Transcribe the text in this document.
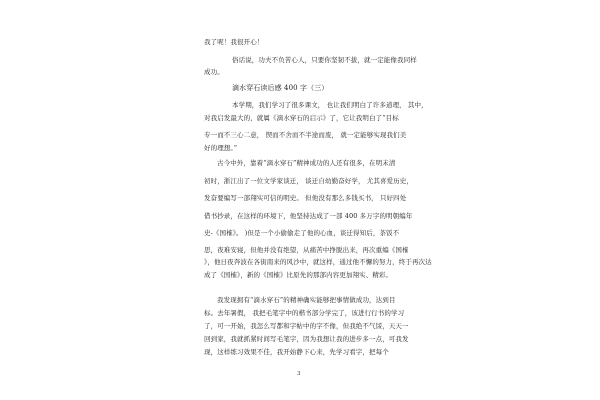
我了呢！我很开心！
俗话说，功夫不负苦心人，只要你坚韧不拔，就一定能像我同样
成功。
滴水穿石读后感 400 字（三）
本学期，我们学习了很多课文， 也让我们明白了许多道理， 其中，
对我启发最大的，就属《滴水穿石的启示》了，它让我明白了“目标
专一而不三心二意， 锲而不舍而不半途而废， 就一定能够实现我们美
好的理想。”
古今中外，靠着“滴水穿石”精神成功的人还有很多，在明末清
初时，浙江出了一位文学家谈迁， 谈迁自幼勤奋好学， 尤其喜爱历史，
发奋要编写一部翔实可信的明史。 但他没有那么多钱买书， 只好四处
借书抄录，在这样的环境下，他坚持达成了一部 400 多万字的明朝编年
史-《国榷》。 )但是一个小偷偷走了他的心血，谈迁得知后，茶饭不
思，夜难安寝，但他并没有绝望，从痛苦中挣脱出来，再次重编《国榷
》，他日夜奔波在各街南来的风沙中，就这样，通过他不懈的努力，终于再次达
成了《国榷》，新的《国榷》比原先的那部内容更加翔实、精彩。
我发现拥有“滴水穿石”的精神确实能够把事情做成功，达到目
标。去年暑假， 我把毛笔字中的楷书部分学完了，该进行行书的学习
了，可一开始，我怎么写都和字帖中的字不像，但我绝不气馁，天天一
回到家，我就抓紧时间写毛笔字，因为我想让我的进步多一点，可我发
现，这样练习效果不佳，我开始静下心来，先学习看字，把每个
3
